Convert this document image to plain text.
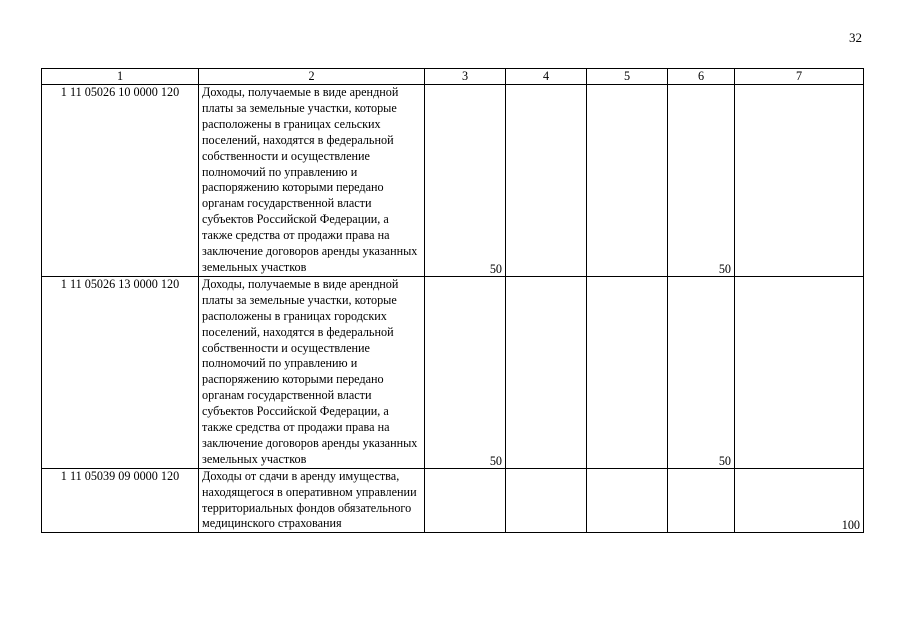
32
1	2	3	4	5	6	7
1 11 05026 10 0000 120	Доходы, получаемые в виде арендной платы за земельные участки, которые расположены в границах сельских поселений, находятся в федеральной собственности и осуществление полномочий по управлению и распоряжению которыми передано органам государственной власти субъектов Российской Федерации, а также средства от продажи права на заключение договоров аренды указанных земельных участков	50			50	
1 11 05026 13 0000 120	Доходы, получаемые в виде арендной платы за земельные участки, которые расположены в границах городских поселений, находятся в федеральной собственности и осуществление полномочий по управлению и распоряжению которыми передано органам государственной власти субъектов Российской Федерации, а также средства от продажи права на заключение договоров аренды указанных земельных участков	50			50	
1 11 05039 09 0000 120	Доходы от сдачи в аренду имущества, находящегося в оперативном управлении территориальных фондов обязательного медицинского страхования					100
